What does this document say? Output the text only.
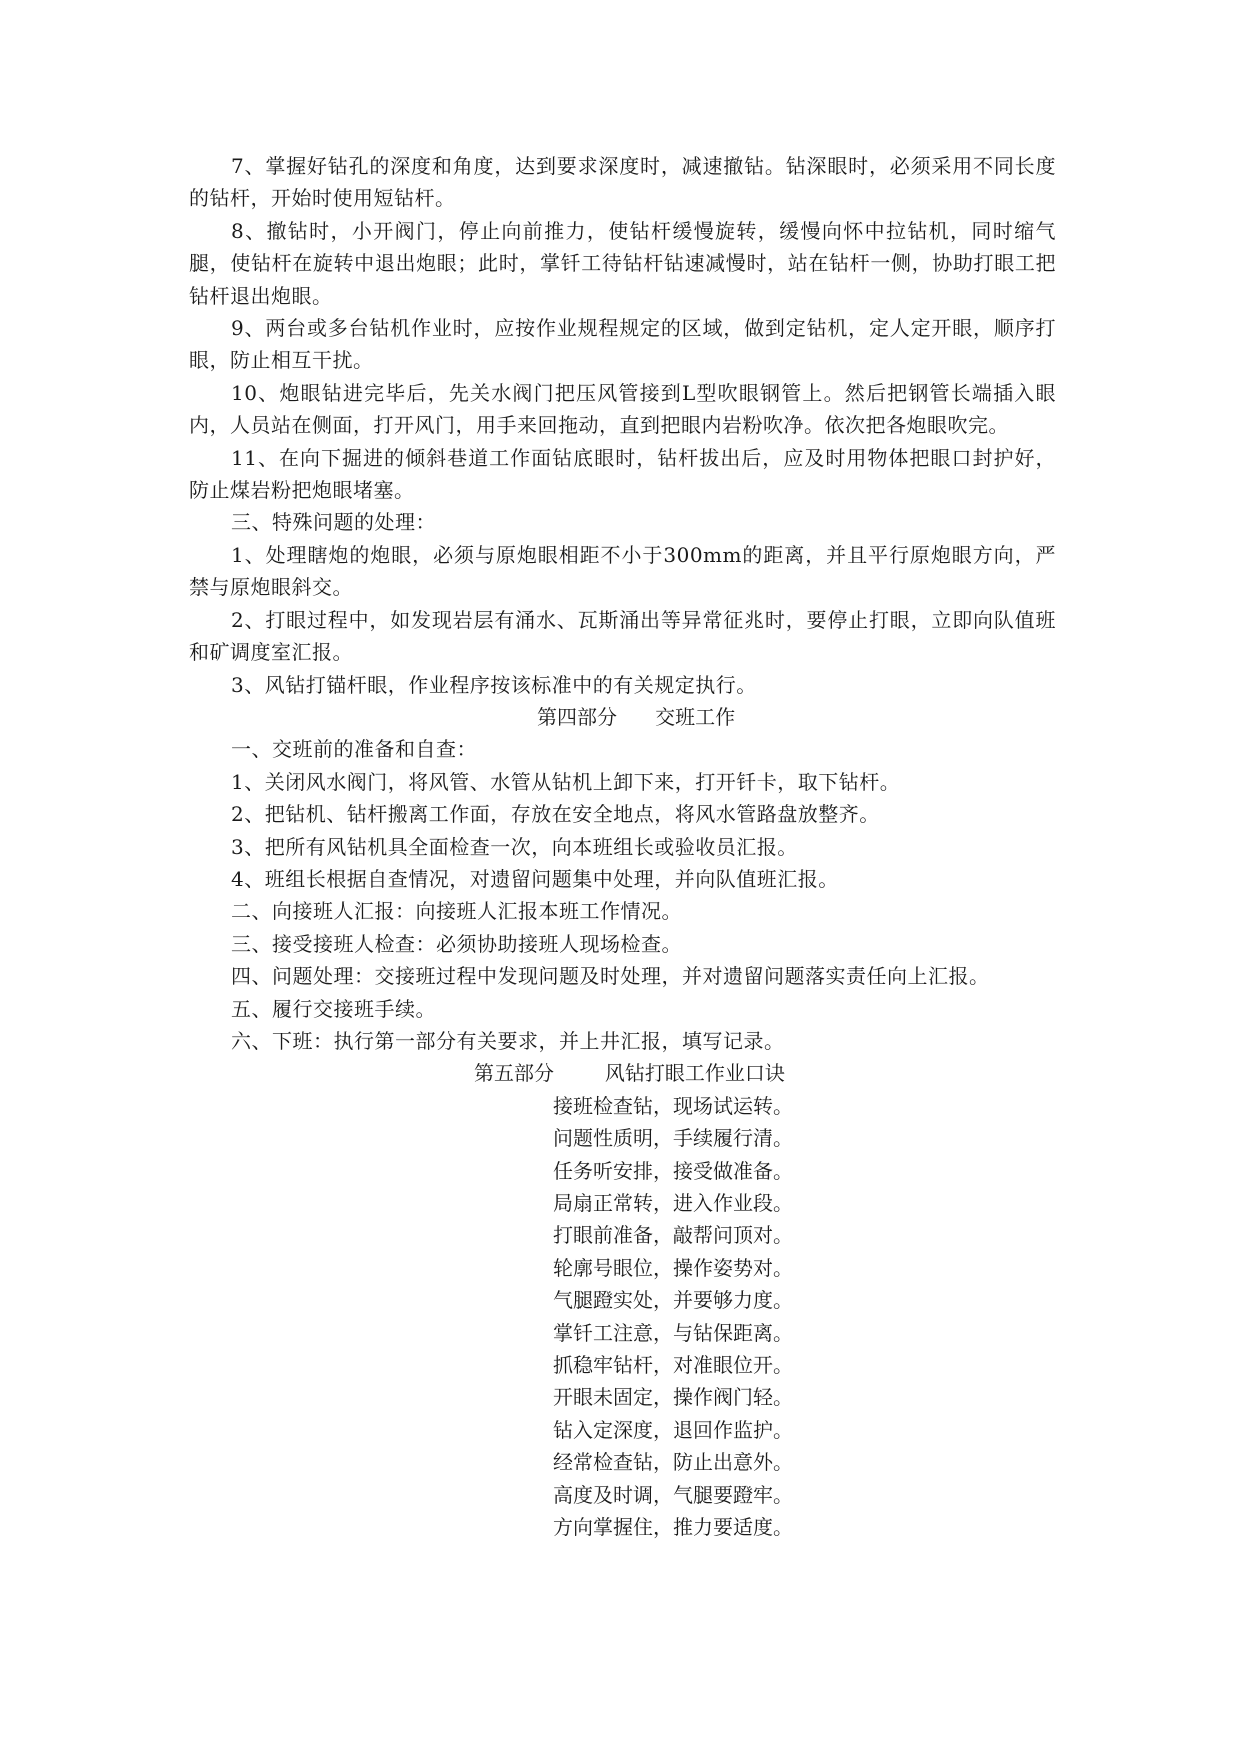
7、掌握好钻孔的深度和角度，达到要求深度时，减速撤钻。钻深眼时，必须采用不同长度的钻杆，开始时使用短钻杆。

8、撤钻时，小开阀门，停止向前推力，使钻杆缓慢旋转，缓慢向怀中拉钻机，同时缩气腿，使钻杆在旋转中退出炮眼；此时，掌钎工待钻杆钻速减慢时，站在钻杆一侧，协助打眼工把钻杆退出炮眼。

9、两台或多台钻机作业时，应按作业规程规定的区域，做到定钻机，定人定开眼，顺序打眼，防止相互干扰。

10、炮眼钻进完毕后，先关水阀门把压风管接到L型吹眼钢管上。然后把钢管长端插入眼内，人员站在侧面，打开风门，用手来回拖动，直到把眼内岩粉吹净。依次把各炮眼吹完。

11、在向下掘进的倾斜巷道工作面钻底眼时，钻杆拔出后，应及时用物体把眼口封护好，防止煤岩粉把炮眼堵塞。

三、特殊问题的处理：

1、处理瞎炮的炮眼，必须与原炮眼相距不小于300mm的距离，并且平行原炮眼方向，严禁与原炮眼斜交。

2、打眼过程中，如发现岩层有涌水、瓦斯涌出等异常征兆时，要停止打眼，立即向队值班和矿调度室汇报。

3、风钻打锚杆眼，作业程序按该标准中的有关规定执行。

第四部分      交班工作

一、交班前的准备和自查：

1、关闭风水阀门，将风管、水管从钻机上卸下来，打开钎卡，取下钻杆。

2、把钻机、钻杆搬离工作面，存放在安全地点，将风水管路盘放整齐。

3、把所有风钻机具全面检查一次，向本班组长或验收员汇报。

4、班组长根据自查情况，对遗留问题集中处理，并向队值班汇报。

二、向接班人汇报：向接班人汇报本班工作情况。

三、接受接班人检查：必须协助接班人现场检查。

四、问题处理：交接班过程中发现问题及时处理，并对遗留问题落实责任向上汇报。

五、履行交接班手续。

六、下班：执行第一部分有关要求，并上井汇报，填写记录。

第五部分        风钻打眼工作业口诀

接班检查钻，现场试运转。

问题性质明，手续履行清。

任务听安排，接受做准备。

局扇正常转，进入作业段。

打眼前准备，敲帮问顶对。

轮廓号眼位，操作姿势对。

气腿蹬实处，并要够力度。

掌钎工注意，与钻保距离。

抓稳牢钻杆，对准眼位开。

开眼未固定，操作阀门轻。

钻入定深度，退回作监护。

经常检查钻，防止出意外。

高度及时调，气腿要蹬牢。

方向掌握住，推力要适度。
